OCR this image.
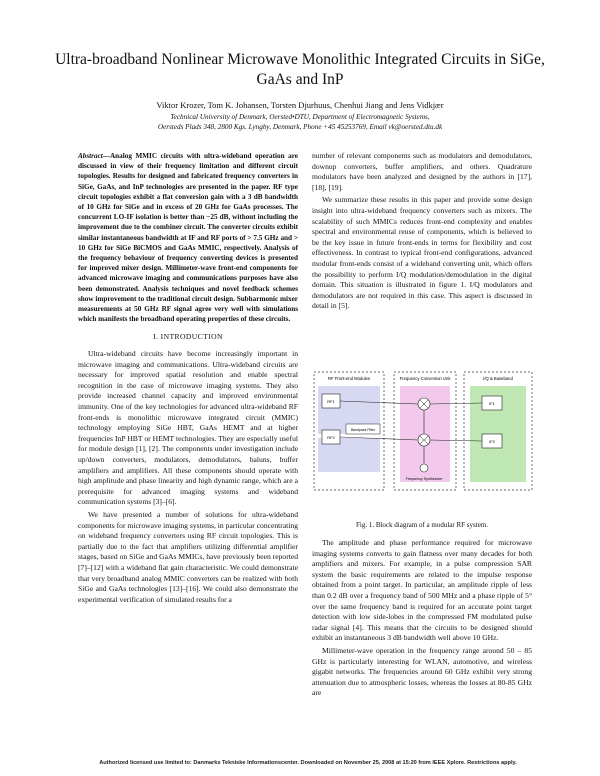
Ultra-broadband Nonlinear Microwave Monolithic Integrated Circuits in SiGe, GaAs and InP
Viktor Krozer, Tom K. Johansen, Torsten Djurhuus, Chenhui Jiang and Jens Vidkjær
Technical University of Denmark, Oersted•DTU, Department of Electromagnetic Systems,
Oersteds Plads 348, 2800 Kgs. Lyngby, Denmark, Phone +45 45253769, Email vk@oersted.dtu.dk
Abstract—Analog MMIC circuits with ultra-wideband operation are discussed in view of their frequency limitation and different circuit topologies. Results for designed and fabricated frequency converters in SiGe, GaAs, and InP technologies are presented in the paper. RF type circuit topologies exhibit a flat conversion gain with a 3 dB bandwidth of 10 GHz for SiGe and in excess of 20 GHz for GaAs processes. The concurrent LO-IF isolation is better than −25 dB, without including the improvement due to the combiner circuit. The converter circuits exhibit similar instantaneous bandwidth at IF and RF ports of > 7.5 GHz and > 10 GHz for SiGe BiCMOS and GaAs MMIC, respectively. Analysis of the frequency behaviour of frequency converting devices is presented for improved mixer design. Millimeter-wave front-end components for advanced microwave imaging and communications purposes have also been demonstrated. Analysis techniques and novel feedback schemes show improvement to the traditional circuit design. Subharmonic mixer measurements at 50 GHz RF signal agree very well with simulations which manifests the broadband operating properties of these circuits.
I. INTRODUCTION

Ultra-wideband circuits have become increasingly important in microwave imaging and communications. Ultra-wideband circuits are necessary for improved spatial resolution and enable spectral recognition in the case of microwave imaging systems. They also provide increased channel capacity and improved environmental immunity. One of the key technologies for advanced ultra-wideband RF front-ends is monolithic microwave integrated circuit (MMIC) technology employing SiGe HBT, GaAs HEMT and at higher frequencies InP HBT or HEMT technologies. They are especially useful for module design [1], [2]. The components under investigation include up/down converters, modulators, demodulators, baluns, buffer amplifiers and amplifiers. All these components should operate with high amplitude and phase linearity and high dynamic range, which are a prerequisite for advanced imaging systems and wideband communication systems [3]–[6].

We have presented a number of solutions for ultra-wideband components for microwave imaging systems, in particular concentrating on wideband frequency converters using RF circuit topologies. This is partially due to the fact that amplifiers utilizing differential amplifier stages, based on SiGe and GaAs MMICs, have previously been reported [7]–[12] with a wideband flat gain characteristic. We could demonstrate that very broadband analog MMIC converters can be realized with both SiGe and GaAs technologies [13]–[16]. We could also demonstrate the experimental verification of simulated results for a

number of relevant components such as modulators and demodulators, downup converters, buffer amplifiers, and others. Quadrature modulators have been analyzed and designed by the authors in [17], [18], [19].

We summarize these results in this paper and provide some design insight into ultra-wideband frequency converters such as mixers. The scalability of such MMICs reduces front-end complexity and enables spectral and environmental reuse of components, which is believed to be the key issue in future front-ends in terms for flexibility and cost effectiveness. In contrast to typical front-end configurations, advanced modular front-ends consist of a wideband converting unit, which offers the possibility to perform I/Q modulation/demodulation in the digital domain. This situation is illustrated in figure 1. I/Q modulators and demodulators are not required in this case. This aspect is discussed in detail in [5].

RF Front-end Modules	Frequency Conversion Unit	I/Q & Baseband
RF1
RF2
IF1
IF2
Bandpass Filter
Frequency Synthesizer
Fig. 1. Block diagram of a modular RF system.

The amplitude and phase performance required for microwave imaging systems converts to gain flatness over many decades for both amplifiers and mixers. For example, in a pulse compression SAR system the basic requirements are related to the impulse response obtained from a point target. In particular, an amplitude ripple of less than 0.2 dB over a frequency band of 500 MHz and a phase ripple of 5° over the same frequency band is required for an accurate point target detection with low side-lobes in the compressed FM modulated pulse radar signal [4]. This means that the circuits to be designed should exhibit an instantaneous 3 dB bandwidth well above 10 GHz.

Millimeter-wave operation in the frequency range around 50 – 85 GHz is particularly interesting for WLAN, automotive, and wireless gigabit networks. The frequencies around 60 GHz exhibit very strong attenuation due to atmospheric losses, whereas the losses at 80-85 GHz are

Authorized licensed use limited to: Danmarks Tekniske Informationscenter. Downloaded on November 25, 2008 at 15:20 from IEEE Xplore. Restrictions apply.
